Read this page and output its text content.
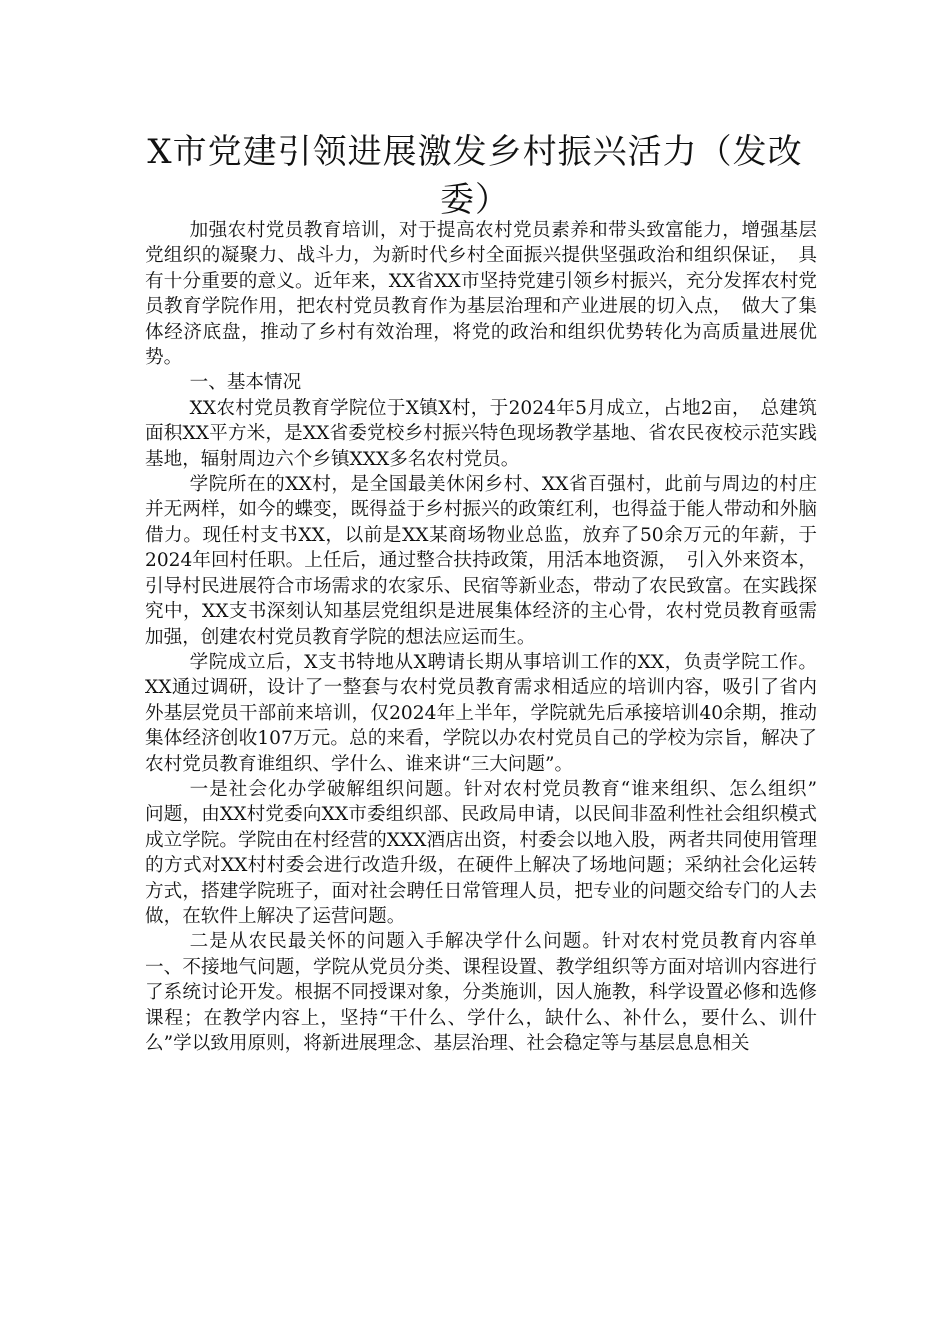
X市党建引领进展激发乡村振兴活力（发改委）

加强农村党员教育培训，对于提高农村党员素养和带头致富能力，增强基层党组织的凝聚力、战斗力，为新时代乡村全面振兴提供坚强政治和组织保证，　具有十分重要的意义。近年来，XX省XX市坚持党建引领乡村振兴，充分发挥农村党员教育学院作用，把农村党员教育作为基层治理和产业进展的切入点，　做大了集体经济底盘，推动了乡村有效治理，将党的政治和组织优势转化为高质量进展优势。

一、基本情况

XX农村党员教育学院位于X镇X村，于2024年5月成立，占地2亩，　总建筑面积XX平方米，是XX省委党校乡村振兴特色现场教学基地、省农民夜校示范实践基地，辐射周边六个乡镇XXX多名农村党员。

学院所在的XX村，是全国最美休闲乡村、XX省百强村，此前与周边的村庄并无两样，如今的蝶变，既得益于乡村振兴的政策红利，也得益于能人带动和外脑借力。现任村支书XX，以前是XX某商场物业总监，放弃了50余万元的年薪，于2024年回村任职。上任后，通过整合扶持政策，用活本地资源，　引入外来资本，引导村民进展符合市场需求的农家乐、民宿等新业态，带动了农民致富。在实践探究中，XX支书深刻认知基层党组织是进展集体经济的主心骨，农村党员教育亟需加强，创建农村党员教育学院的想法应运而生。

学院成立后，X支书特地从X聘请长期从事培训工作的XX，负责学院工作。XX通过调研，设计了一整套与农村党员教育需求相适应的培训内容，吸引了省内外基层党员干部前来培训，仅2024年上半年，学院就先后承接培训40余期，推动集体经济创收107万元。总的来看，学院以办农村党员自己的学校为宗旨，解决了农村党员教育谁组织、学什么、谁来讲“三大问题”。

一是社会化办学破解组织问题。针对农村党员教育“谁来组织、怎么组织”　问题，由XX村党委向XX市委组织部、民政局申请，以民间非盈利性社会组织模式成立学院。学院由在村经营的XXX酒店出资，村委会以地入股，两者共同使用管理的方式对XX村村委会进行改造升级，在硬件上解决了场地问题；采纳社会化运转方式，搭建学院班子，面对社会聘任日常管理人员，把专业的问题交给专门的人去做，在软件上解决了运营问题。

二是从农民最关怀的问题入手解决学什么问题。针对农村党员教育内容单一、不接地气问题，学院从党员分类、课程设置、教学组织等方面对培训内容进行了系统讨论开发。根据不同授课对象，分类施训，因人施教，科学设置必修和选修课程；在教学内容上，坚持“干什么、学什么，缺什么、补什么，要什么、训什么”学以致用原则，将新进展理念、基层治理、社会稳定等与基层息息相关
